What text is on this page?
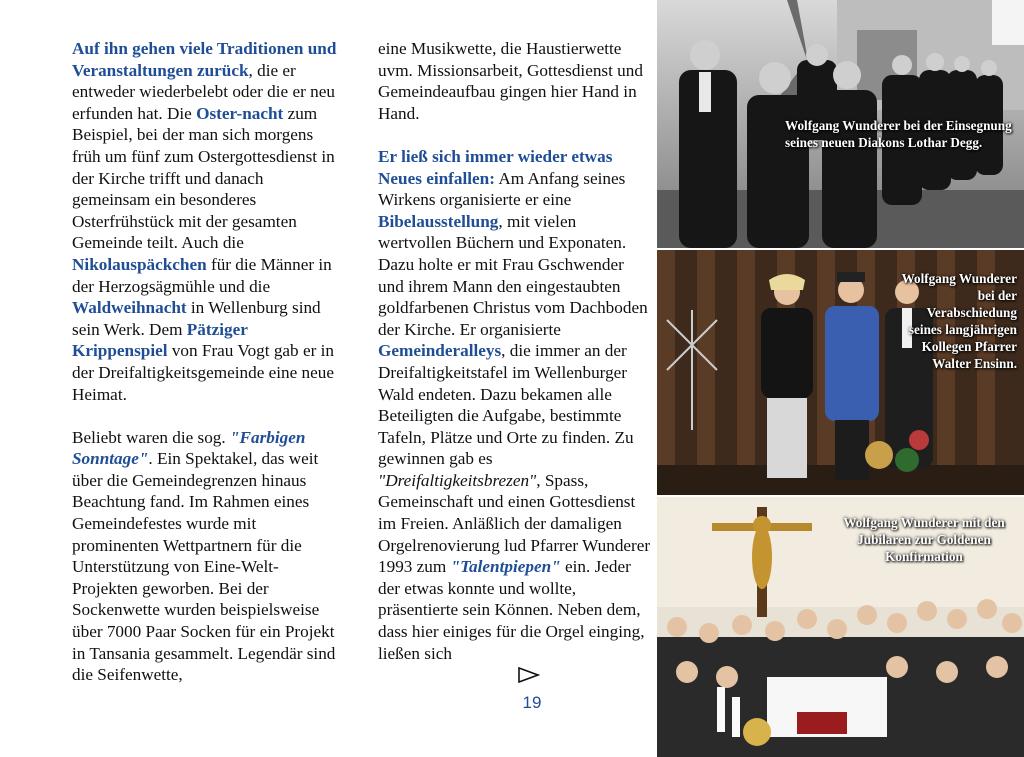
Auf ihn gehen viele Traditionen und Veranstaltungen zurück, die er entweder wiederbelebt oder die er neu erfunden hat. Die Oster-nacht zum Beispiel, bei der man sich morgens früh um fünf zum Ostergottesdienst in der Kirche trifft und danach gemeinsam ein besonderes Osterfrühstück mit der gesamten Gemeinde teilt. Auch die Nikolauspäckchen für die Männer in der Herzogsägmühle und die Waldweihnacht in Wellenburg sind sein Werk. Dem Pätziger Krippenspiel von Frau Vogt gab er in der Dreifaltigkeitsgemeinde eine neue Heimat.

Beliebt waren die sog. "Farbigen Sonntage". Ein Spektakel, das weit über die Gemeindegrenzen hinaus Beachtung fand. Im Rahmen eines Gemeindefestes wurde mit prominenten Wettpartnern für die Unterstützung von Eine-Welt-Projekten geworben. Bei der Sockenwette wurden beispielsweise über 7000 Paar Socken für ein Projekt in Tansania gesammelt. Legendär sind die Seifenwette,

eine Musikwette, die Haustierwette uvm. Missionsarbeit, Gottesdienst und Gemeindeaufbau gingen hier Hand in Hand.

Er ließ sich immer wieder etwas Neues einfallen: Am Anfang seines Wirkens organisierte er eine Bibelausstellung, mit vielen wertvollen Büchern und Exponaten. Dazu holte er mit Frau Gschwender und ihrem Mann den eingestaubten goldfarbenen Christus vom Dachboden der Kirche. Er organisierte Gemeinderalleys, die immer an der Dreifaltigkeitstafel im Wellenburger Wald endeten. Dazu bekamen alle Beteiligten die Aufgabe, bestimmte Tafeln, Plätze und Orte zu finden. Zu gewinnen gab es "Dreifaltigkeitsbrezen", Spass, Gemeinschaft und einen Gottesdienst im Freien. Anläßlich der damaligen Orgelrenovierung lud Pfarrer Wunderer 1993 zum "Talentpiepen" ein. Jeder der etwas konnte und wollte, präsentierte sein Können. Neben dem, dass hier einiges für die Orgel einging, ließen sich

19
Wolfgang Wunderer bei der Einsegnung seines neuen Diakons Lothar Degg.
Wolfgang Wunderer bei der Verabschiedung seines langjährigen Kollegen Pfarrer Walter Ensinn.
Wolfgang Wunderer mit den Jubilaren zur Goldenen Konfirmation
